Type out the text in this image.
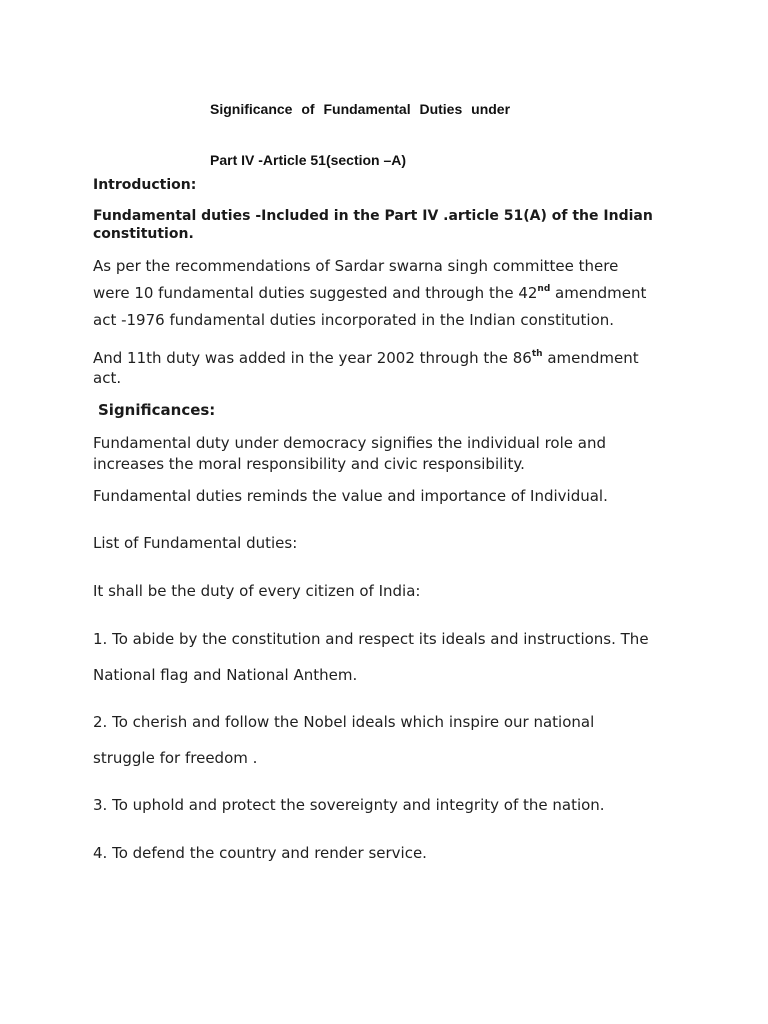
Significance of Fundamental Duties under

Part IV -Article 51(section –A)

Introduction:

Fundamental duties -Included in the Part IV .article 51(A) of the Indian

constitution.

As per the recommendations of Sardar swarna singh committee there

were 10 fundamental duties suggested and through the 42nd amendment

act -1976 fundamental duties incorporated in the Indian constitution.

And 11th duty was added in the year 2002 through the 86th amendment

act.

Significances:

Fundamental duty under democracy signifies the individual role and

increases the moral responsibility and civic responsibility.

Fundamental duties reminds the value and importance of Individual.

List of Fundamental duties:

It shall be the duty of every citizen of India:

1. To abide by the constitution and respect its ideals and instructions. The

National flag and National Anthem.

2. To cherish and follow the Nobel ideals which inspire our national

struggle for freedom .

3. To uphold and protect the sovereignty and integrity of the nation.

4. To defend the country and render service.
